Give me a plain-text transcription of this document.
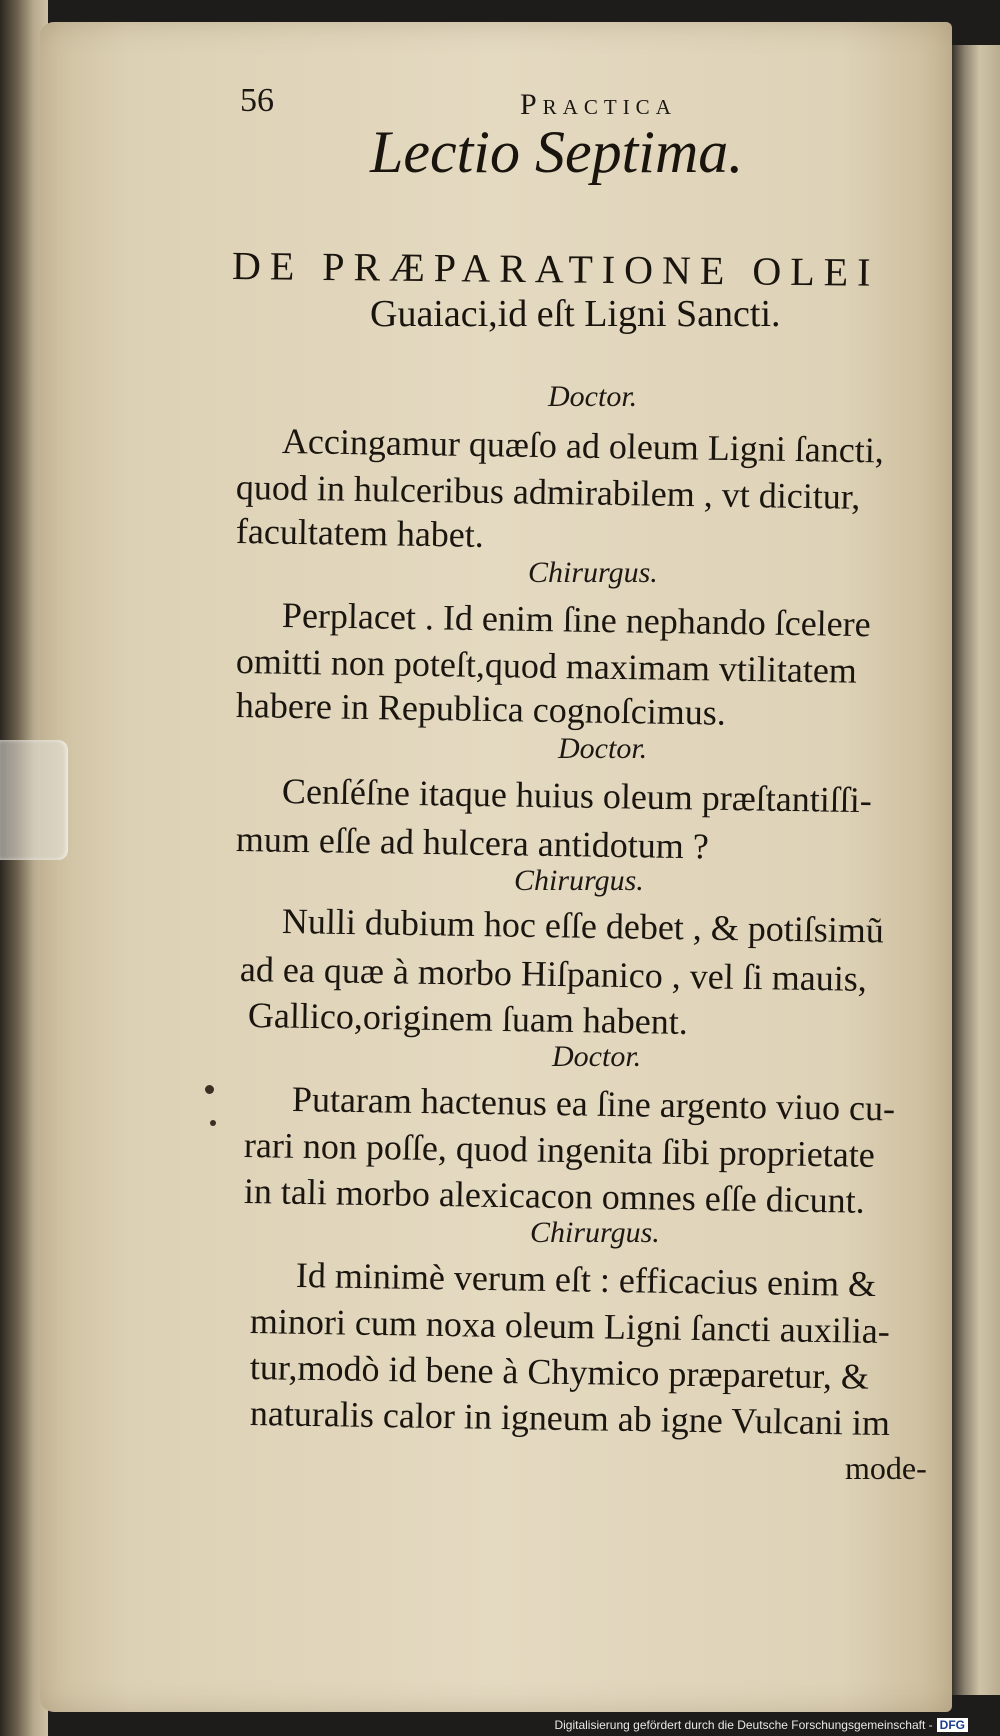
56	Practica
Lectio Septima.
DE PRÆPARATIONE OLEI
Guaiaci,id eſt Ligni Sancti.
Doctor.
Accingamur quæſo ad oleum Ligni ſancti,
quod in hulceribus admirabilem , vt dicitur,
facultatem habet.
Chirurgus.
Perplacet . Id enim ſine nephando ſcelere
omitti non poteſt,quod maximam vtilitatem
habere in Republica cognoſcimus.
Doctor.
Cenſéſne itaque huius oleum præſtantiſſi-
mum eſſe ad hulcera antidotum ?
Chirurgus.
Nulli dubium hoc eſſe debet , & potiſsimũ
ad ea quæ à morbo Hiſpanico , vel ſi mauis,
Gallico,originem ſuam habent.
Doctor.
Putaram hactenus ea ſine argento viuo cu-
rari non poſſe, quod ingenita ſibi proprietate
in tali morbo alexicacon omnes eſſe dicunt.
Chirurgus.
Id minimè verum eſt : efficacius enim &
minori cum noxa oleum Ligni ſancti auxilia-
tur,modò id bene à Chymico præparetur, &
naturalis calor in igneum ab igne Vulcani im
mode-
Digitalisierung gefördert durch die Deutsche Forschungsgemeinschaft - DFG
